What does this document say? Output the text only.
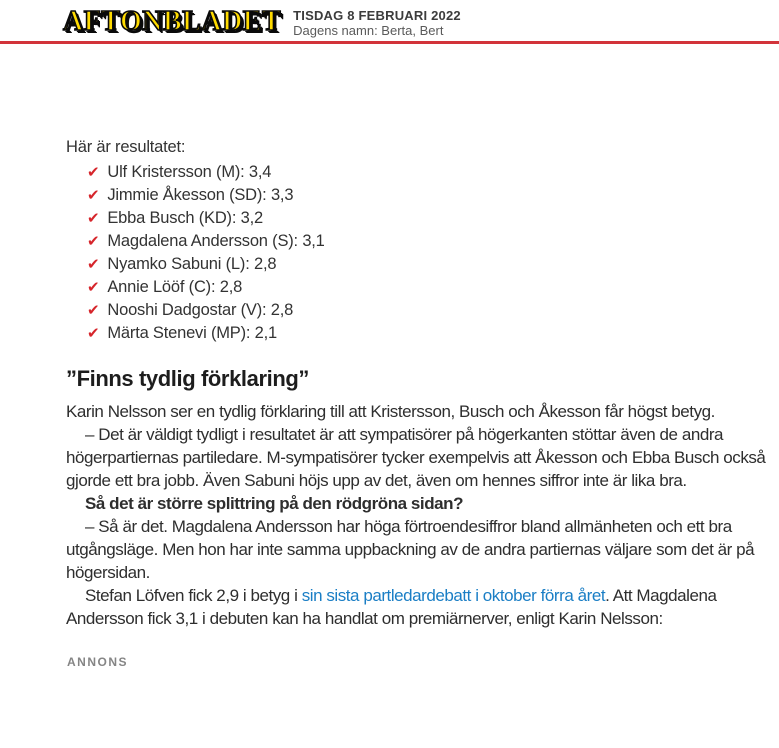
AFTONBLADET TISDAG 8 FEBRUARI 2022
Dagens namn: Berta, Bert

Här är resultatet:

✔ Ulf Kristersson (M): 3,4
✔ Jimmie Åkesson (SD): 3,3
✔ Ebba Busch (KD): 3,2
✔ Magdalena Andersson (S): 3,1
✔ Nyamko Sabuni (L): 2,8
✔ Annie Lööf (C): 2,8
✔ Nooshi Dadgostar (V): 2,8
✔ Märta Stenevi (MP): 2,1
”Finns tydlig förklaring”

Karin Nelsson ser en tydlig förklaring till att Kristersson, Busch och Åkesson får högst betyg.

– Det är väldigt tydligt i resultatet är att sympatisörer på högerkanten stöttar även de andra högerpartiernas partiledare. M-sympatisörer tycker exempelvis att Åkesson och Ebba Busch också gjorde ett bra jobb. Även Sabuni höjs upp av det, även om hennes siffror inte är lika bra.

Så det är större splittring på den rödgröna sidan?

– Så är det. Magdalena Andersson har höga förtroendesiffror bland allmänheten och ett bra utgångsläge. Men hon har inte samma uppbackning av de andra partiernas väljare som det är på högersidan.

Stefan Löfven fick 2,9 i betyg i sin sista partledardebatt i oktober förra året. Att Magdalena Andersson fick 3,1 i debuten kan ha handlat om premiärnerver, enligt Karin Nelsson:

ANNONS
